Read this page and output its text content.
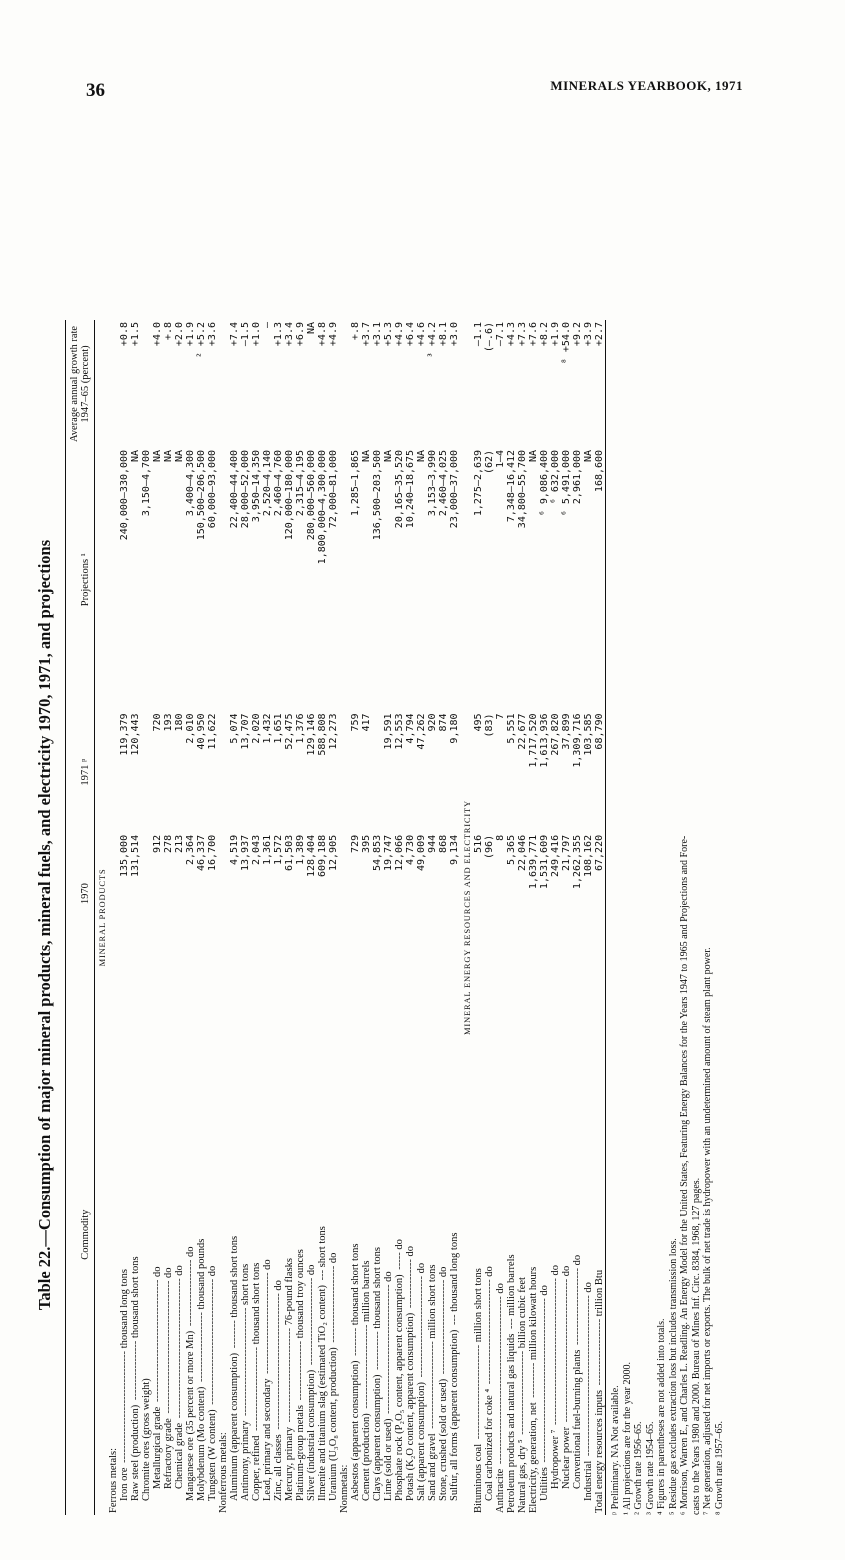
36	MINERALS YEARBOOK, 1971
Table 22.—Consumption of major mineral products, mineral fuels, and electricity 1970, 1971, and projections Commodity	1970	1971 ᵖ	Projections ¹	Average annual growth rate 1947–65 (percent)
MINERAL PRODUCTS				
Ferrous metals:				
Iron ore -------------------------------- thousand long tons	135,000	119,379	240,000–330,000	+0.8
Raw steel (production) ----------------- thousand short tons	131,514	120,443	NA	+1.5
Chromite ores (gross weight)			3,150–4,700	
Metallurgical grade ----------------------------------- do	912	720	NA	+4.0
Refractory grade -------------------------------------- do	278	193	NA	+.8
Chemical grade ---------------------------------------- do	213	180	NA	+2.0
Manganese ore (35 percent or more Mn) ------------------- do	2,364	2,010	3,400–4,300	+1.9
Molybdenum (Mo content) -------------------- thousand pounds	46,337	40,950	150,500–206,500	² +5.2
Tungsten (W content) ------------------------------------ do	16,700	11,622	60,000–93,000	+3.6
Nonferrous metals:				
Aluminum (apparent consumption) -------- thousand short tons	4,519	5,074	22,400–44,400	+7.4
Antimony, primary ------------------------------- short tons	13,937	13,707	28,000–52,000	–1.5
Copper, refined ------------------------ thousand short tons	2,043	2,020	3,950–14,350	+1.0
Lead, primary and secondary ----------------------------- do	1,361	1,432	2,520–4,140	–
Zinc, all classes --------------------------------------- do	1,572	1,651	2,460–4,760	+1.3
Mercury, primary --------------------------- 76-pound flasks	61,503	52,475	120,000–180,000	+3.4
Platinum-group metals ----------------- thousand troy ounces	1,389	1,376	2,315–4,195	+6.9
Silver (industrial consumption) ------------------------- do	128,404	129,146	280,000–560,000	NA
Ilmenite and titanium slag (estimated TiO₂ content) --- short tons	609,188	588,808	1,800,000–4,300,000	+4.8
Uranium (U₃O₈ content, production) ---------------------- do	12,905	12,273	72,000–81,000	+4.9
Nonmetals:				
Asbestos (apparent consumption) -------- thousand short tons	729	759	1,285–1,865	+.8
Cement (production) ------------------------ million barrels	395	417	NA	+3.7
Clays (apparent consumption) ----------- thousand short tons	54,853		136,500–203,500	+3.1
Lime (sold or used) ------------------------------------- do	19,747	19,591	NA	+5.3
Phosphate rock (P₂O₅ content, apparent consumption) ----- do	12,066	12,553	20,165–35,520	+4.9
Potash (K₂O content, apparent consumption) -------------- do	4,730	4,794	10,240–18,675	+6.4
Salt (apparent consumption) ----------------------------- do	49,009	47,262	NA	+4.6
Sand and gravel ------------------------- million short tons	944	920	3,153–3,990	³ +4.2
Stone, crushed (sold or used) --------------------------- do	868	874	2,460–4,025	+8.1
Sulfur, all forms (apparent consumption) --- thousand long tons	9,134	9,180	23,000–37,000	+3.0
MINERAL ENERGY RESOURCES AND ELECTRICITY				
Bituminous coal --------------------------- million short tons	516	495	1,275–2,639	–1.1
Coal carbonized for coke ⁴ ------------------------------ do	(96)	(83)	(62)	(–.6)
Anthracite ------------------------------------------------ do	8	7	1–4	–7.1
Petroleum products and natural gas liquids --- million barrels	5,365	5,551	7,348–16,412	+4.3
Natural gas, dry ⁵ ------------------------ billion cubic feet	22,046	22,677	34,800–55,700	+7.3
Electricity, generation, net ---------- million kilowatt hours	1,639,771	1,717,520	NA	+7.6
Utilities ----------------------------------------------- do	1,531,609	1,613,936	⁶ 9,086,400	+8.2
Hydropower ⁷ ------------------------------------------ do	249,416	267,820	⁶ 632,000	+1.9
Nuclear power ----------------------------------------- do	21,797	37,899	⁶ 5,491,000	⁸ +54.0
Conventional fuel-burning plants ---------------------- do	1,262,355	1,309,716	2,961,000	+9.2
Industrial ---------------------------------------------- do	108,162	103,585	NA	+3.9
Total energy resources inputs ------------------- trillion Btu	67,220	68,790	168,600	+2.7
ᵖ Preliminary. NA Not available. ¹ All projections are for the year 2000. ² Growth rate 1956–65. ³ Growth rate 1954–65. ⁴ Figures in parentheses are not added into totals. ⁵ Residue gas excludes extraction loss but includes transmission loss. ⁶ Morrison, Warren E., and Charles L. Readling. An Energy Model for the United States, Featuring Energy Balances for the Years 1947 to 1965 and Projections and Fore- casts to the Years 1980 and 2000. Bureau of Mines Inf. Circ. 8384, 1968, 127 pages. ⁷ Net generation, adjusted for net imports or exports. The bulk of net trade is hydropower with an undetermined amount of steam plant power. ⁸ Growth rate 1957–65.
